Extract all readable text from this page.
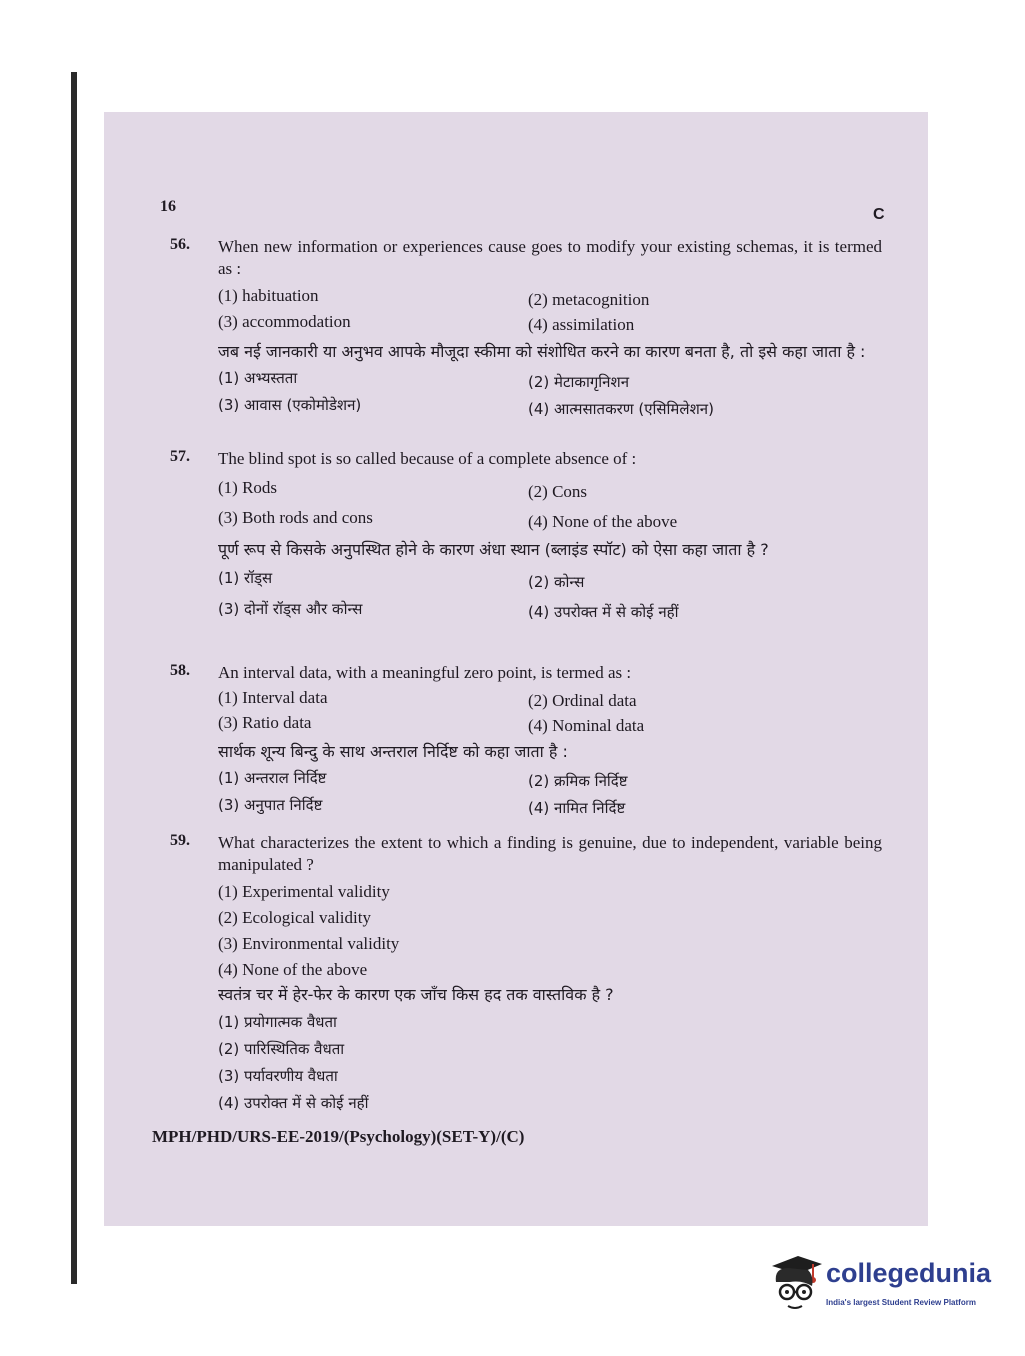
16	C
56. When new information or experiences cause goes to modify your existing schemas, it is termed as :
(1) habituation	(2) metacognition
(3) accommodation	(4) assimilation
जब नई जानकारी या अनुभव आपके मौजूदा स्कीमा को संशोधित करने का कारण बनता है, तो इसे कहा जाता है :
(1) अभ्यस्तता	(2) मेटाकागृनिशन
(3) आवास (एकोमोडेशन)	(4) आत्मसातकरण (एसिमिलेशन)
57. The blind spot is so called because of a complete absence of :
(1) Rods	(2) Cons
(3) Both rods and cons	(4) None of the above
पूर्ण रूप से किसके अनुपस्थित होने के कारण अंधा स्थान (ब्लाइंड स्पॉट) को ऐसा कहा जाता है ?
(1) रॉड्स	(2) कोन्स
(3) दोनों रॉड्स और कोन्स	(4) उपरोक्त में से कोई नहीं
58. An interval data, with a meaningful zero point, is termed as :
(1) Interval data	(2) Ordinal data
(3) Ratio data	(4) Nominal data
सार्थक शून्य बिन्दु के साथ अन्तराल निर्दिष्ट को कहा जाता है :
(1) अन्तराल निर्दिष्ट	(2) क्रमिक निर्दिष्ट
(3) अनुपात निर्दिष्ट	(4) नामित निर्दिष्ट
59. What characterizes the extent to which a finding is genuine, due to independent, variable being manipulated ?
(1) Experimental validity
(2) Ecological validity
(3) Environmental validity
(4) None of the above
स्वतंत्र चर में हेर-फेर के कारण एक जाँच किस हद तक वास्तविक है ?
(1) प्रयोगात्मक वैधता
(2) पारिस्थितिक वैधता
(3) पर्यावरणीय वैधता
(4) उपरोक्त में से कोई नहीं
MPH/PHD/URS-EE-2019/(Psychology)(SET-Y)/(C)
collegedunia
India's largest Student Review Platform
